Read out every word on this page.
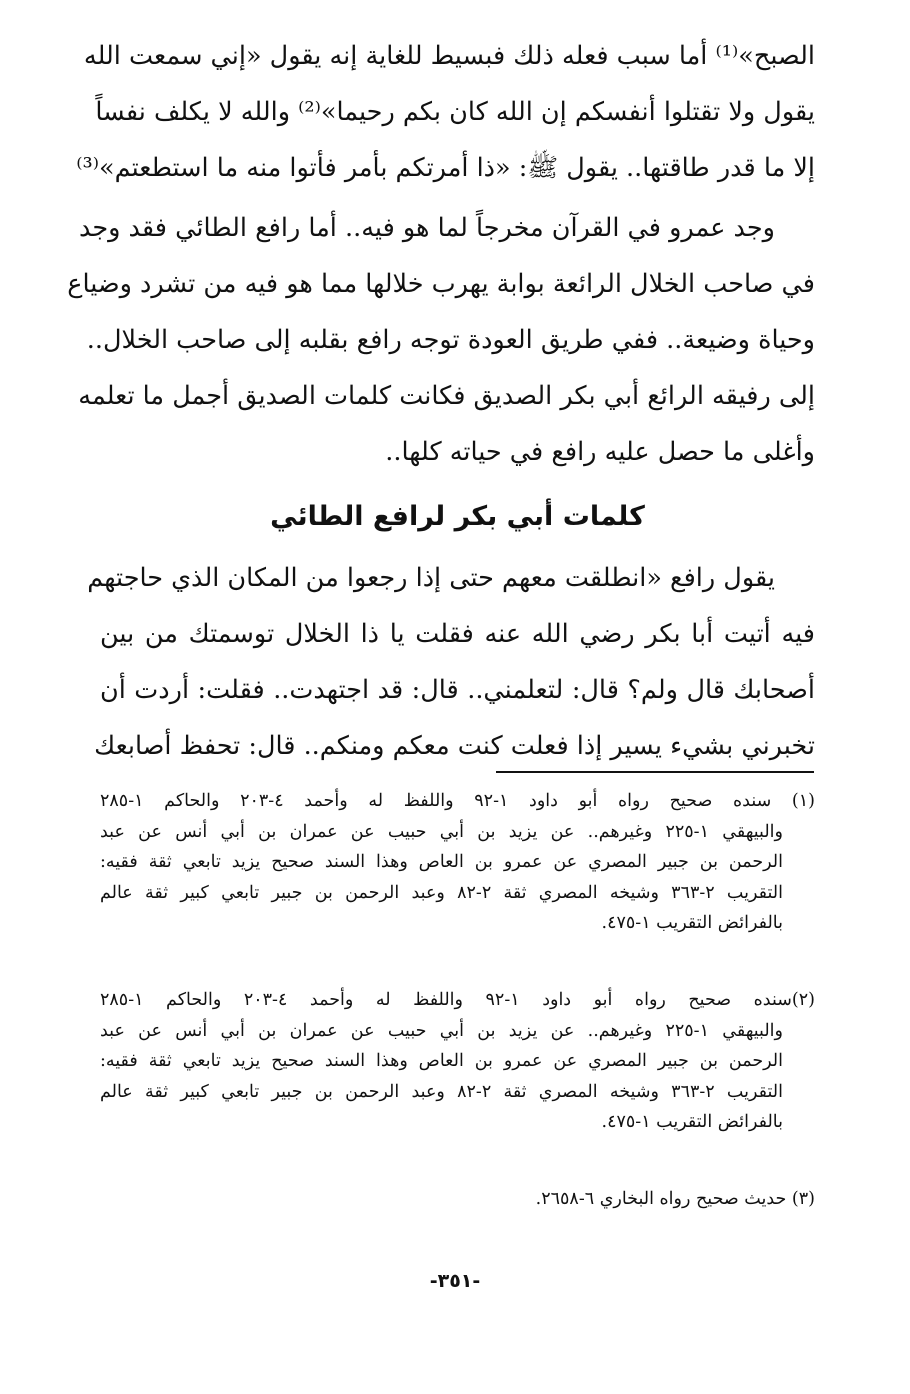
الصبح»⁽¹⁾ أما سبب فعله ذلك فبسيط للغاية إنه يقول «إني سمعت الله
يقول ولا تقتلوا أنفسكم إن الله كان بكم رحيما»⁽²⁾ والله لا يكلف نفساً
إلا ما قدر طاقتها.. يقول ﷺ: «ذا أمرتكم بأمر فأتوا منه ما استطعتم»⁽³⁾
وجد عمرو في القرآن مخرجاً لما هو فيه.. أما رافع الطائي فقد وجد
في صاحب الخلال الرائعة بوابة يهرب خلالها مما هو فيه من تشرد وضياع
وحياة وضيعة.. ففي طريق العودة توجه رافع بقلبه إلى صاحب الخلال..
إلى رفيقه الرائع أبي بكر الصديق فكانت كلمات الصديق أجمل ما تعلمه
وأغلى ما حصل عليه رافع في حياته كلها..
كلمات أبي بكر لرافع الطائي
يقول رافع «انطلقت معهم حتى إذا رجعوا من المكان الذي حاجتهم
فيه أتيت أبا بكر رضي الله عنه فقلت يا ذا الخلال توسمتك من بين
أصحابك قال ولم؟ قال: لتعلمني.. قال: قد اجتهدت.. فقلت: أردت أن
تخبرني بشيء يسير إذا فعلت كنت معكم ومنكم.. قال: تحفظ أصابعك
(١) سنده صحيح رواه أبو داود ١-٩٢ واللفظ له وأحمد ٤-٢٠٣ والحاكم ١-٢٨٥
والبيهقي ١-٢٢٥ وغيرهم.. عن يزيد بن أبي حبيب عن عمران بن أبي أنس عن عبد
الرحمن بن جبير المصري عن عمرو بن العاص وهذا السند صحيح يزيد تابعي ثقة فقيه:
التقريب ٢-٣٦٣ وشيخه المصري ثقة ٢-٨٢ وعبد الرحمن بن جبير تابعي كبير ثقة عالم
بالفرائض التقريب ١-٤٧٥.
(٢)سنده صحيح رواه أبو داود ١-٩٢ واللفظ له وأحمد ٤-٢٠٣ والحاكم ١-٢٨٥
والبيهقي ١-٢٢٥ وغيرهم.. عن يزيد بن أبي حبيب عن عمران بن أبي أنس عن عبد
الرحمن بن جبير المصري عن عمرو بن العاص وهذا السند صحيح يزيد تابعي ثقة فقيه:
التقريب ٢-٣٦٣ وشيخه المصري ثقة ٢-٨٢ وعبد الرحمن بن جبير تابعي كبير ثقة عالم
بالفرائض التقريب ١-٤٧٥.
(٣) حديث صحيح رواه البخاري ٦-٢٦٥٨.
-٣٥١-
